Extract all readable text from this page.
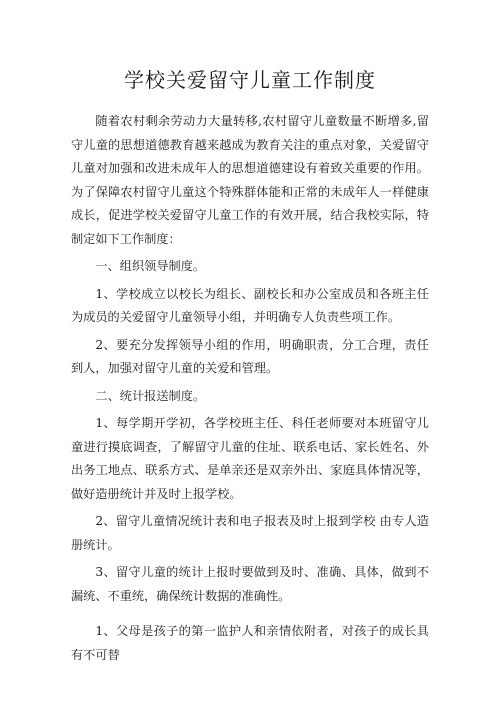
学校关爱留守儿童工作制度

随着农村剩余劳动力大量转移,农村留守儿童数量不断增多,留守儿童的思想道德教育越来越成为教育关注的重点对象，关爱留守儿童对加强和改进未成年人的思想道德建设有着致关重要的作用。为了保障农村留守儿童这个特殊群体能和正常的未成年人一样健康成长，促进学校关爱留守儿童工作的有效开展，结合我校实际，特制定如下工作制度：

一、组织领导制度。

1、学校成立以校长为组长、副校长和办公室成员和各班主任为成员的关爱留守儿童领导小组，并明确专人负责些项工作。

2、要充分发挥领导小组的作用，明确职责，分工合理，责任到人，加强对留守儿童的关爱和管理。

二、统计报送制度。

1、每学期开学初，各学校班主任、科任老师要对本班留守儿童进行摸底调查，了解留守儿童的住址、联系电话、家长姓名、外出务工地点、联系方式、是单亲还是双亲外出、家庭具体情况等，做好造册统计并及时上报学校。

2、留守儿童情况统计表和电子报表及时上报到学校 由专人造册统计。

3、留守儿童的统计上报时要做到及时、准确、具体，做到不漏统、不重统，确保统计数据的准确性。

1、父母是孩子的第一监护人和亲情依附者，对孩子的成长具有不可替
